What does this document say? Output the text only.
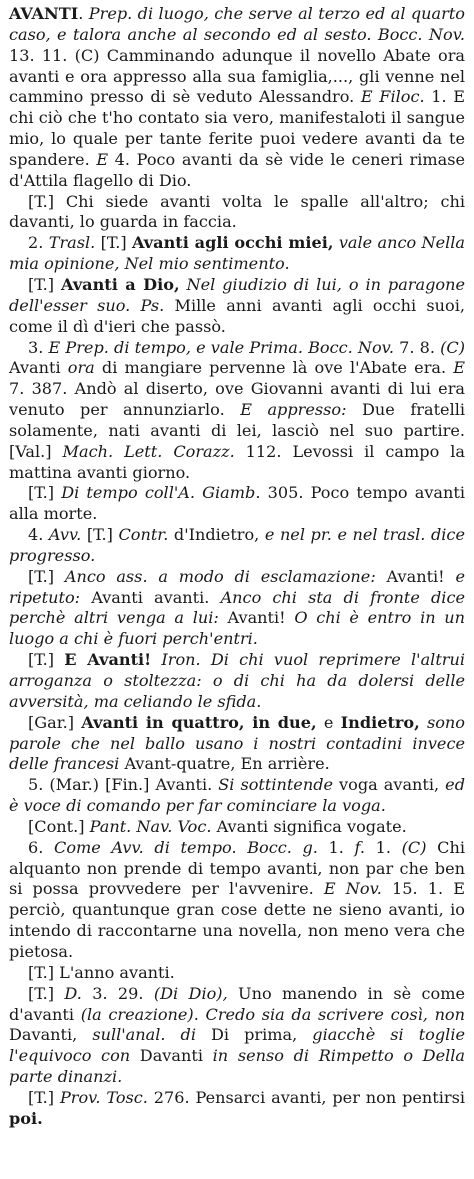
AVANTI. Prep. di luogo, che serve al terzo ed al quarto caso, e talora anche al secondo ed al sesto. Bocc. Nov. 13. 11. (C) Camminando adunque il novello Abate ora avanti e ora appresso alla sua famiglia,..., gli venne nel cammino presso di sè veduto Alessandro. E Filoc. 1. E chi ciò che t'ho contato sia vero, manifestaloti il sangue mio, lo quale per tante ferite puoi vedere avanti da te spandere. E 4. Poco avanti da sè vide le ceneri rimase d'Attila flagello di Dio.

[T.] Chi siede avanti volta le spalle all'altro; chi davanti, lo guarda in faccia.

2. Trasl. [T.] Avanti agli occhi miei, vale anco Nella mia opinione, Nel mio sentimento.

[T.] Avanti a Dio, Nel giudizio di lui, o in paragone dell'esser suo. Ps. Mille anni avanti agli occhi suoi, come il dì d'ieri che passò.

3. E Prep. di tempo, e vale Prima. Bocc. Nov. 7. 8. (C) Avanti ora di mangiare pervenne là ove l'Abate era. E 7. 387. Andò al diserto, ove Giovanni avanti di lui era venuto per annunziarlo. E appresso: Due fratelli solamente, nati avanti di lei, lasciò nel suo partire. [Val.] Mach. Lett. Corazz. 112. Levossi il campo la mattina avanti giorno.

[T.] Di tempo coll'A. Giamb. 305. Poco tempo avanti alla morte.

4. Avv. [T.] Contr. d'Indietro, e nel pr. e nel trasl. dice progresso.

[T.] Anco ass. a modo di esclamazione: Avanti! e ripetuto: Avanti avanti. Anco chi sta di fronte dice perchè altri venga a lui: Avanti! O chi è entro in un luogo a chi è fuori perch'entri.

[T.] E Avanti! Iron. Di chi vuol reprimere l'altrui arroganza o stoltezza: o di chi ha da dolersi delle avversità, ma celiando le sfida.

[Gar.] Avanti in quattro, in due, e Indietro, sono parole che nel ballo usano i nostri contadini invece delle francesi Avant-quatre, En arrière.

5. (Mar.) [Fin.] Avanti. Si sottintende voga avanti, ed è voce di comando per far cominciare la voga.

[Cont.] Pant. Nav. Voc. Avanti significa vogate.

6. Come Avv. di tempo. Bocc. g. 1. f. 1. (C) Chi alquanto non prende di tempo avanti, non par che ben si possa provvedere per l'avvenire. E Nov. 15. 1. E perciò, quantunque gran cose dette ne sieno avanti, io intendo di raccontarne una novella, non meno vera che pietosa.

[T.] L'anno avanti.

[T.] D. 3. 29. (Di Dio), Uno manendo in sè come d'avanti (la creazione). Credo sia da scrivere così, non Davanti, sull'anal. di Di prima, giacchè si toglie l'equivoco con Davanti in senso di Rimpetto o Della parte dinanzi.

[T.] Prov. Tosc. 276. Pensarci avanti, per non pentirsi poi.
